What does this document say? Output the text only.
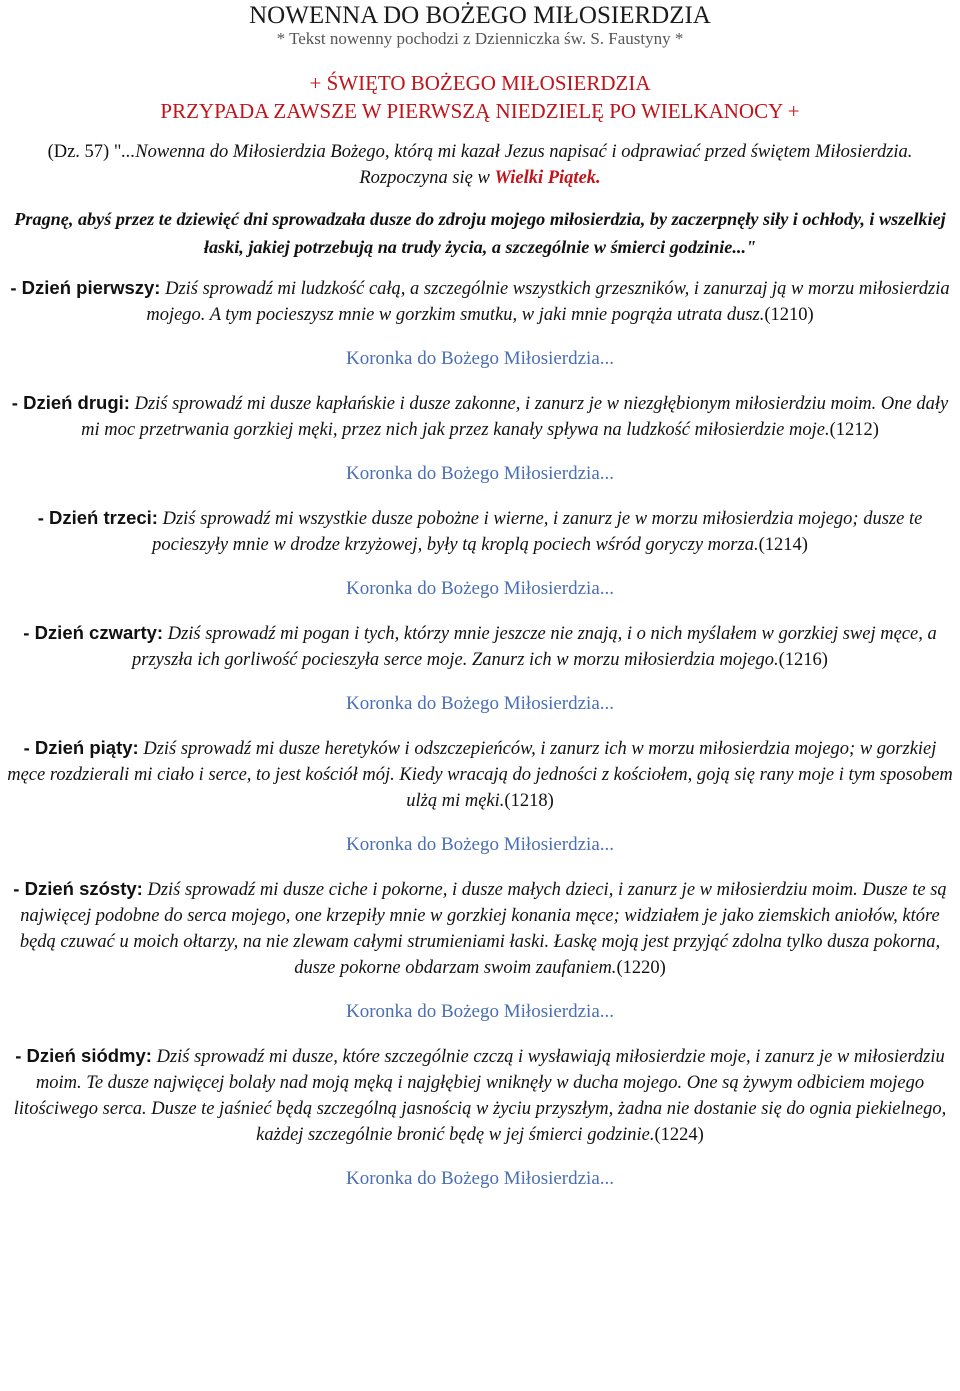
NOWENNA DO BOŻEGO MIŁOSIERDZIA

* Tekst nowenny pochodzi z Dzienniczka św. S. Faustyny *

+ ŚWIĘTO BOŻEGO MIŁOSIERDZIA

PRZYPADA ZAWSZE W PIERWSZĄ NIEDZIELĘ PO WIELKANOCY +

(Dz. 57) "...Nowenna do Miłosierdzia Bożego, którą mi kazał Jezus napisać i odprawiać przed świętem Miłosierdzia. Rozpoczyna się w Wielki Piątek.

Pragnę, abyś przez te dziewięć dni sprowadzała dusze do zdroju mojego miłosierdzia, by zaczerpnęły siły i ochłody, i wszelkiej łaski, jakiej potrzebują na trudy życia, a szczególnie w śmierci godzinie..."

- Dzień pierwszy: Dziś sprowadź mi ludzkość całą, a szczególnie wszystkich grzeszników, i zanurzaj ją w morzu miłosierdzia mojego. A tym pocieszysz mnie w gorzkim smutku, w jaki mnie pogrąża utrata dusz.(1210)

Koronka do Bożego Miłosierdzia...

- Dzień drugi: Dziś sprowadź mi dusze kapłańskie i dusze zakonne, i zanurz je w niezgłębionym miłosierdziu moim. One dały mi moc przetrwania gorzkiej męki, przez nich jak przez kanały spływa na ludzkość miłosierdzie moje.(1212)

Koronka do Bożego Miłosierdzia...

- Dzień trzeci: Dziś sprowadź mi wszystkie dusze pobożne i wierne, i zanurz je w morzu miłosierdzia mojego; dusze te pocieszyły mnie w drodze krzyżowej, były tą kroplą pociech wśród goryczy morza.(1214)

Koronka do Bożego Miłosierdzia...

- Dzień czwarty: Dziś sprowadź mi pogan i tych, którzy mnie jeszcze nie znają, i o nich myślałem w gorzkiej swej męce, a przyszła ich gorliwość pocieszyła serce moje. Zanurz ich w morzu miłosierdzia mojego.(1216)

Koronka do Bożego Miłosierdzia...

- Dzień piąty: Dziś sprowadź mi dusze heretyków i odszczepieńców, i zanurz ich w morzu miłosierdzia mojego; w gorzkiej męce rozdzierali mi ciało i serce, to jest kościół mój. Kiedy wracają do jedności z kościołem, goją się rany moje i tym sposobem ulżą mi męki.(1218)

Koronka do Bożego Miłosierdzia...

- Dzień szósty: Dziś sprowadź mi dusze ciche i pokorne, i dusze małych dzieci, i zanurz je w miłosierdziu moim. Dusze te są najwięcej podobne do serca mojego, one krzepiły mnie w gorzkiej konania męce; widziałem je jako ziemskich aniołów, które będą czuwać u moich ołtarzy, na nie zlewam całymi strumieniami łaski. Łaskę moją jest przyjąć zdolna tylko dusza pokorna, dusze pokorne obdarzam swoim zaufaniem.(1220)

Koronka do Bożego Miłosierdzia...

- Dzień siódmy: Dziś sprowadź mi dusze, które szczególnie czczą i wysławiają miłosierdzie moje, i zanurz je w miłosierdziu moim. Te dusze najwięcej bolały nad moją męką i najgłębiej wniknęły w ducha mojego. One są żywym odbiciem mojego litościwego serca. Dusze te jaśnieć będą szczególną jasnością w życiu przyszłym, żadna nie dostanie się do ognia piekielnego, każdej szczególnie bronić będę w jej śmierci godzinie.(1224)

Koronka do Bożego Miłosierdzia...
